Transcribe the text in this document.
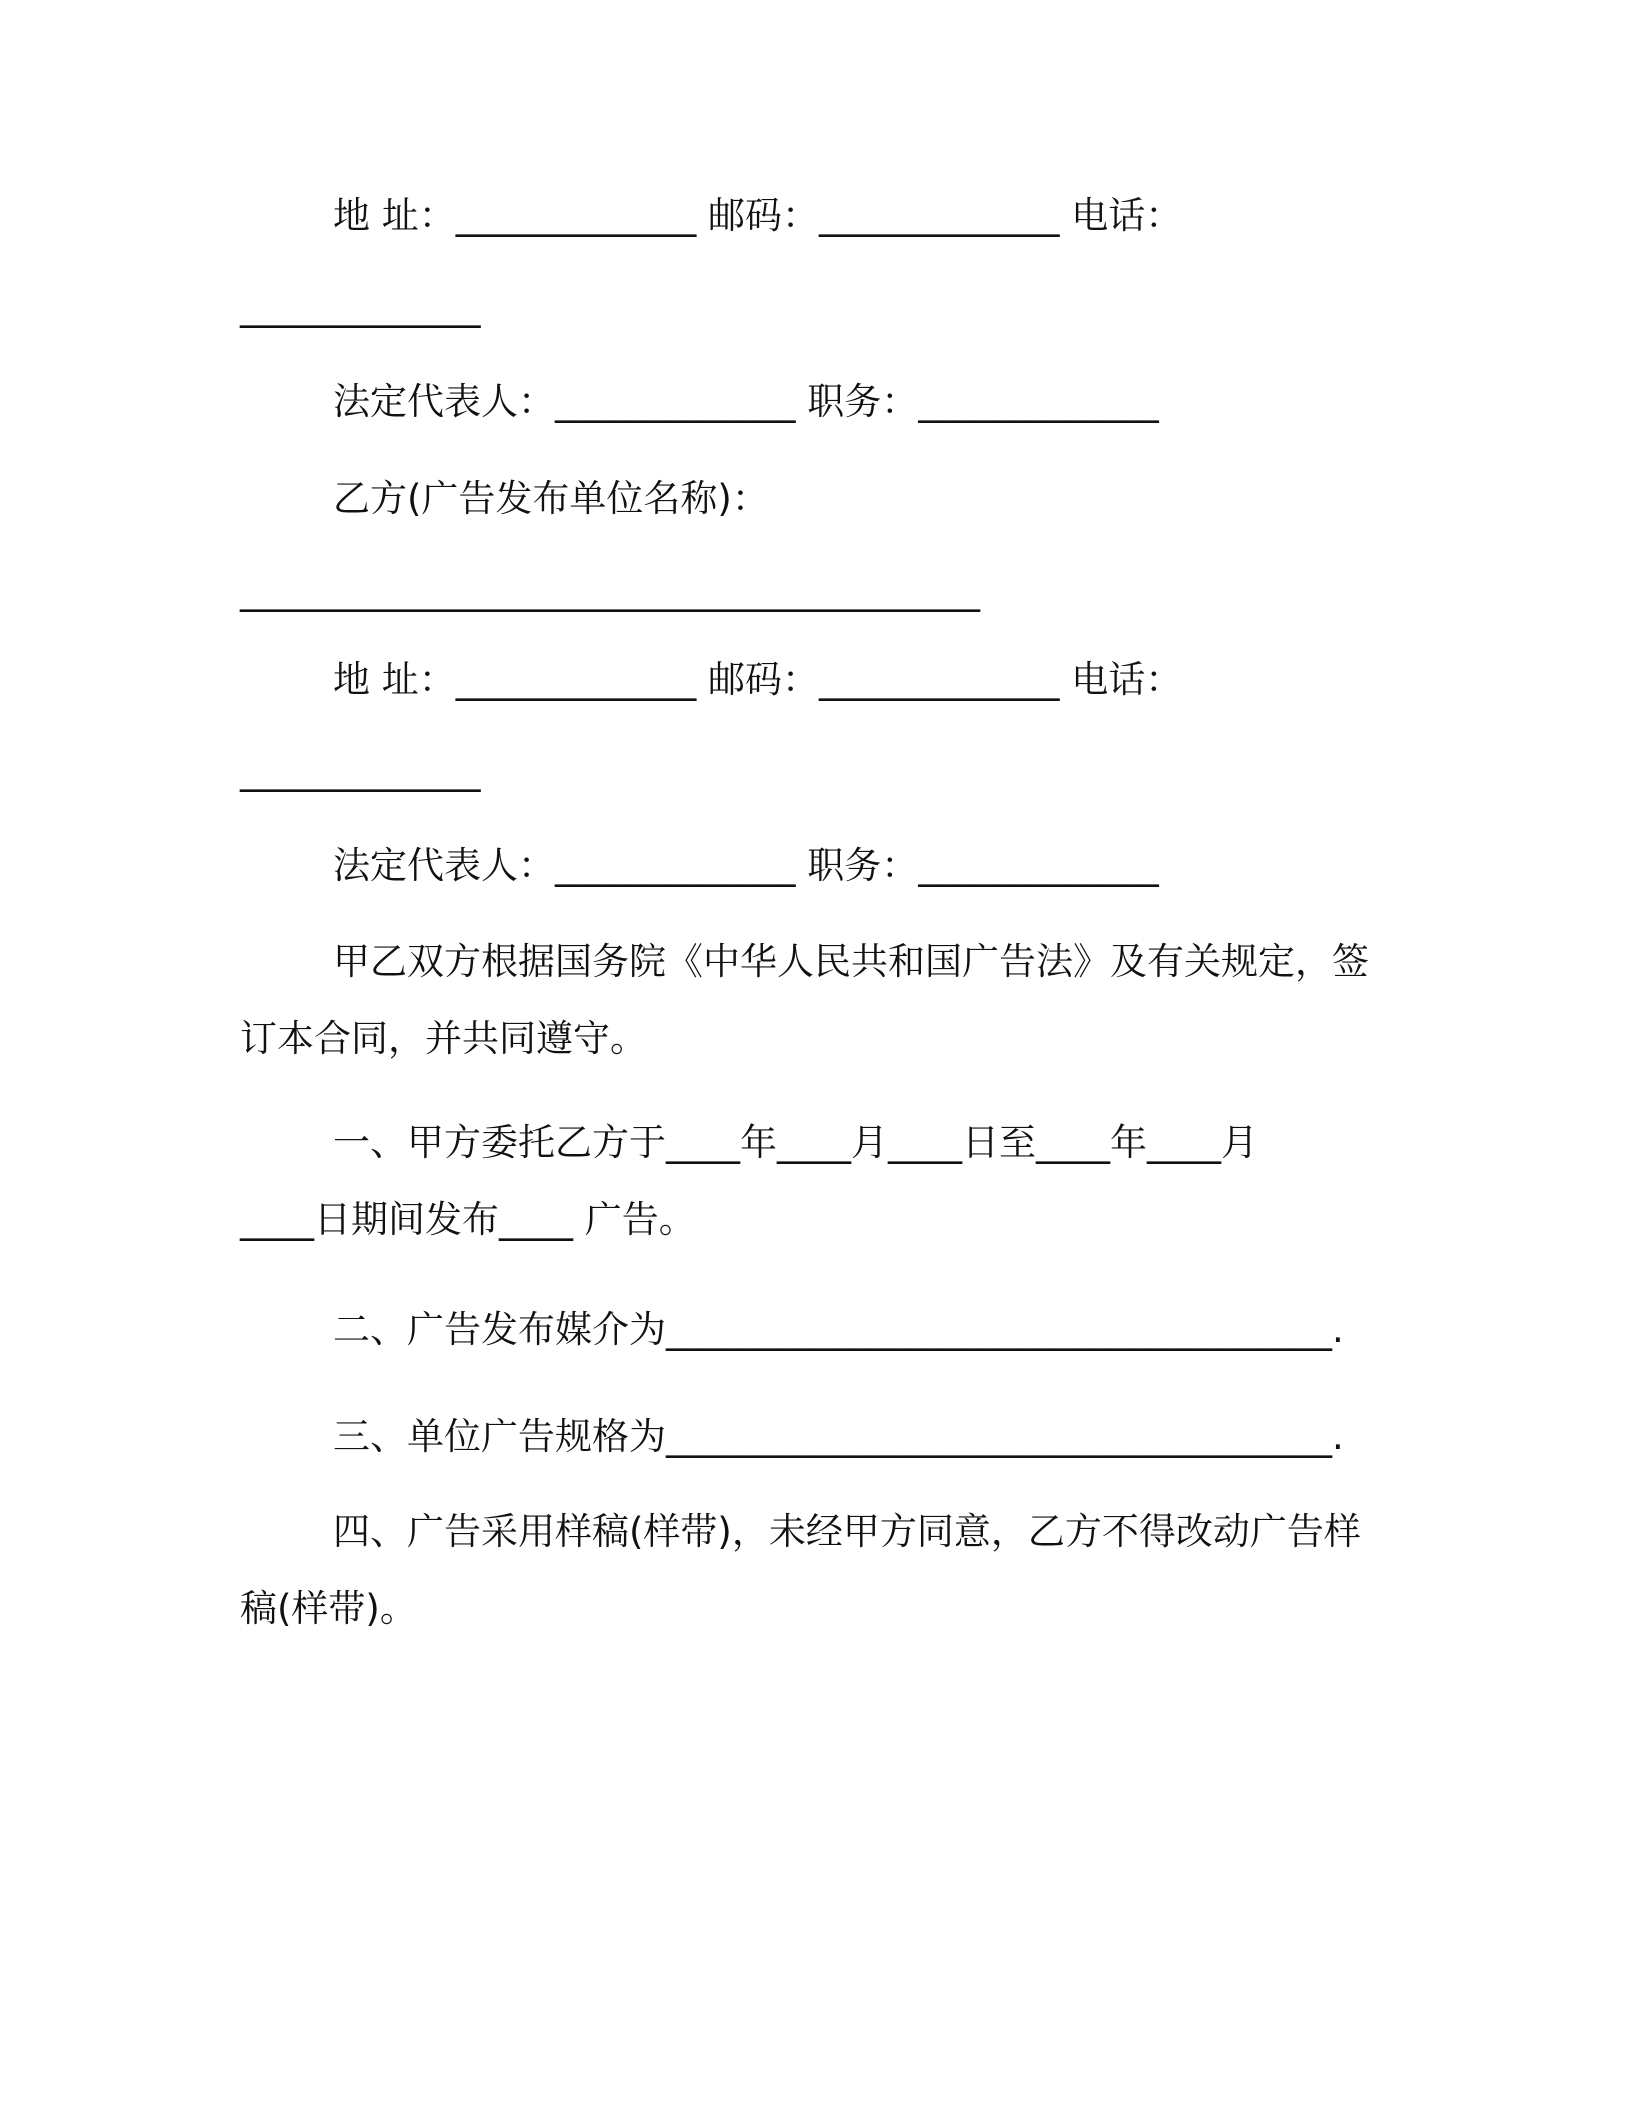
地 址：_____________ 邮码：_____________ 电话：
_____________
法定代表人：_____________ 职务：_____________
乙方(广告发布单位名称)：
________________________________________
地 址：_____________ 邮码：_____________ 电话：
_____________
法定代表人：_____________ 职务：_____________
甲乙双方根据国务院《中华人民共和国广告法》及有关规定，签
订本合同，并共同遵守。
一、甲方委托乙方于____年____月____日至____年____月
____日期间发布____ 广告。
二、广告发布媒介为____________________________________.
三、单位广告规格为____________________________________.
四、广告采用样稿(样带)，未经甲方同意，乙方不得改动广告样
稿(样带)。
